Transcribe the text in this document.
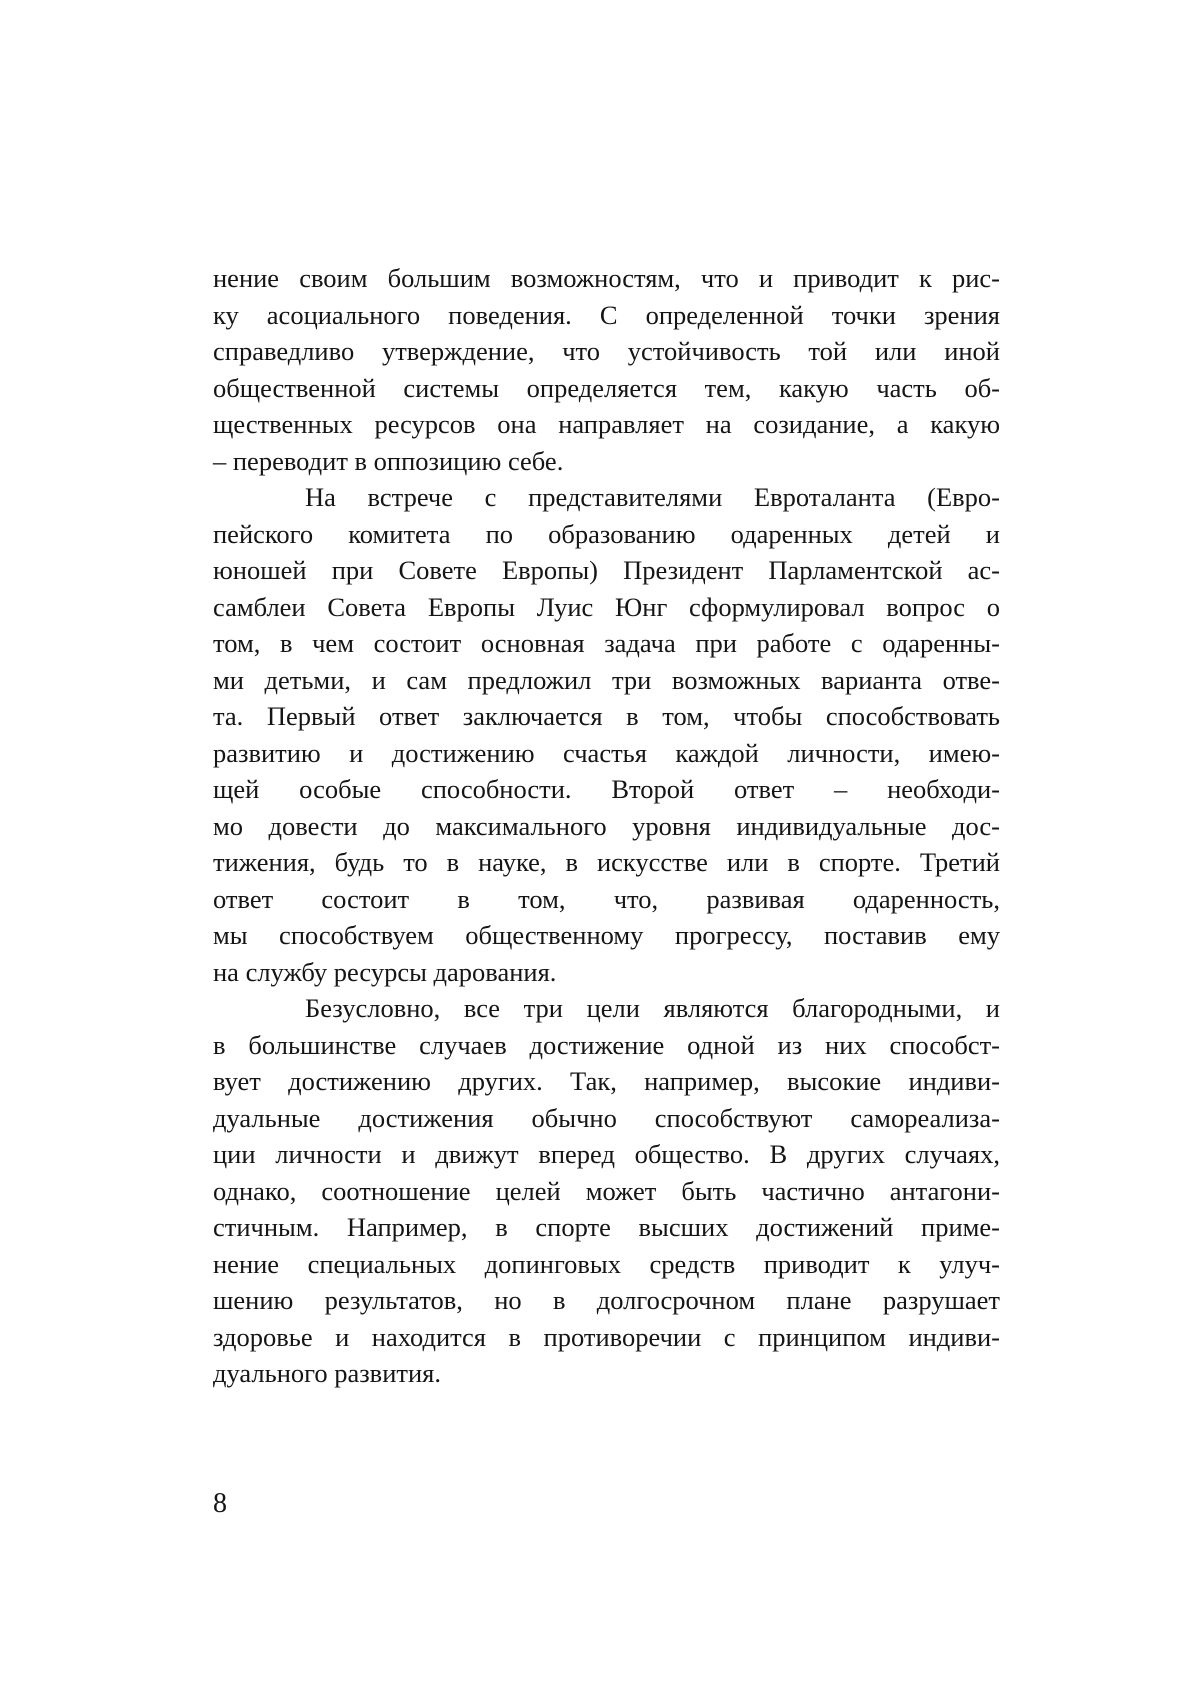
нение своим большим возможностям, что и приводит к рис-
ку асоциального поведения. С определенной точки зрения
справедливо утверждение, что устойчивость той или иной
общественной системы определяется тем, какую часть об-
щественных ресурсов она направляет на созидание, а какую
– переводит в оппозицию себе.
На встрече с представителями Евроталанта (Евро-
пейского комитета по образованию одаренных детей и
юношей при Совете Европы) Президент Парламентской ас-
самблеи Совета Европы Луис Юнг сформулировал вопрос о
том, в чем состоит основная задача при работе с одаренны-
ми детьми, и сам предложил три возможных варианта отве-
та. Первый ответ заключается в том, чтобы способствовать
развитию и достижению счастья каждой личности, имею-
щей особые способности. Второй ответ – необходи-
мо довести до максимального уровня индивидуальные дос-
тижения, будь то в науке, в искусстве или в спорте. Третий
ответ состоит в том, что, развивая одаренность,
мы способствуем общественному прогрессу, поставив ему
на службу ресурсы дарования.
Безусловно, все три цели являются благородными, и
в большинстве случаев достижение одной из них способст-
вует достижению других. Так, например, высокие индиви-
дуальные достижения обычно способствуют самореализа-
ции личности и движут вперед общество. В других случаях,
однако, соотношение целей может быть частично антагони-
стичным. Например, в спорте высших достижений приме-
нение специальных допинговых средств приводит к улуч-
шению результатов, но в долгосрочном плане разрушает
здоровье и находится в противоречии с принципом индиви-
дуального развития.
8
